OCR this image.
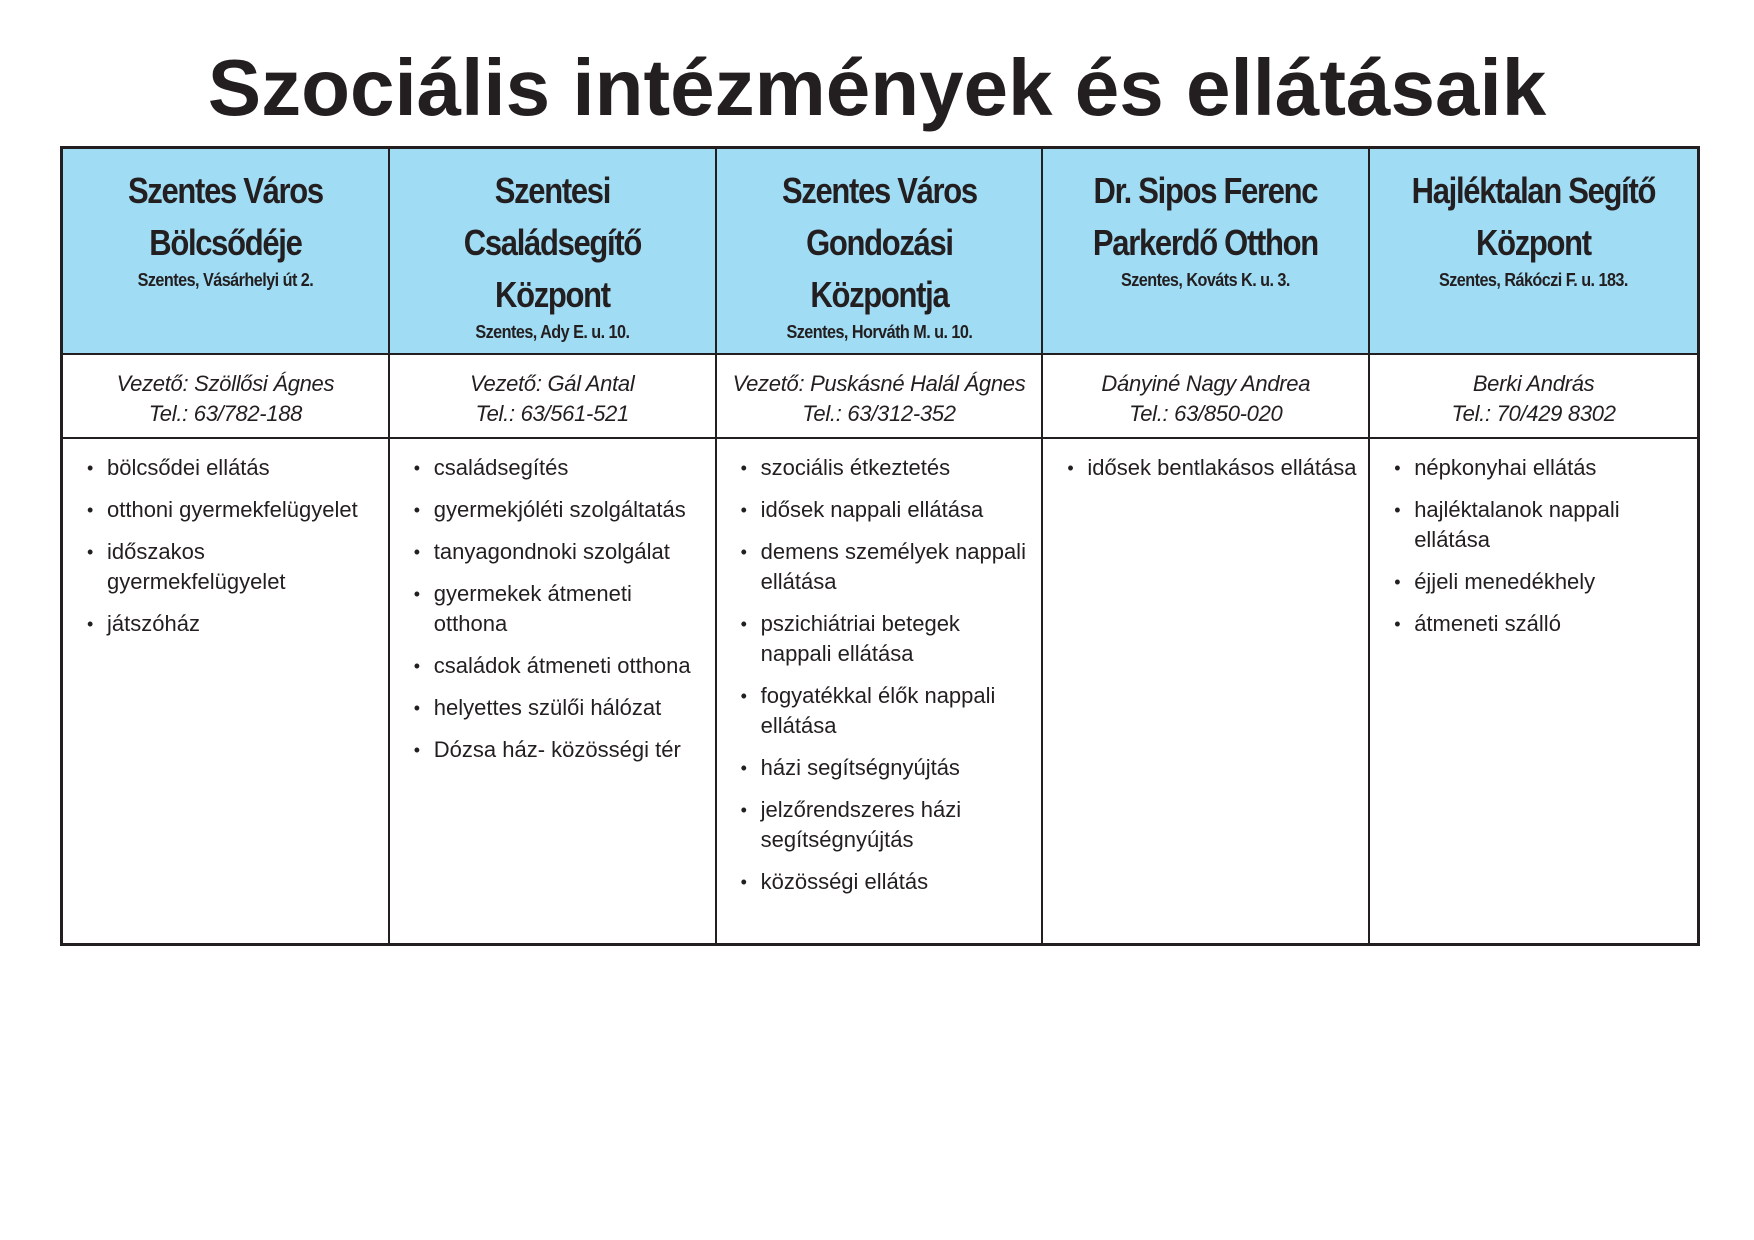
Szociális intézmények és ellátásaik
Szentes Város
Bölcsődéje
Szentes, Vásárhelyi út 2.
Szentesi
Családsegítő
Központ
Szentes, Ady E. u. 10.
Szentes Város
Gondozási
Központja
Szentes, Horváth M. u. 10.
Dr. Sipos Ferenc
Parkerdő Otthon
Szentes, Kováts K. u. 3.
Hajléktalan Segítő
Központ
Szentes, Rákóczi F. u. 183.
Vezető: Szöllősi Ágnes
Tel.: 63/782-188
Vezető: Gál Antal
Tel.: 63/561-521
Vezető: Puskásné Halál Ágnes
Tel.: 63/312-352
Dányiné Nagy Andrea
Tel.: 63/850-020
Berki András
Tel.: 70/429 8302
• bölcsődei ellátás
• otthoni gyermekfelügyelet
• időszakos gyermekfelügyelet
• játszóház
• családsegítés
• gyermekjóléti szolgáltatás
• tanyagondnoki szolgálat
• gyermekek átmeneti otthona
• családok átmeneti otthona
• helyettes szülői hálózat
• Dózsa ház- közösségi tér
• szociális étkeztetés
• idősek nappali ellátása
• demens személyek nappali ellátása
• pszichiátriai betegek nappali ellátása
• fogyatékkal élők nappali ellátása
• házi segítségnyújtás
• jelzőrendszeres házi segítségnyújtás
• közösségi ellátás
• idősek bentlakásos ellátása • népkonyhai ellátás
• hajléktalanok nappali ellátása
• éjjeli menedékhely
• átmeneti szálló
